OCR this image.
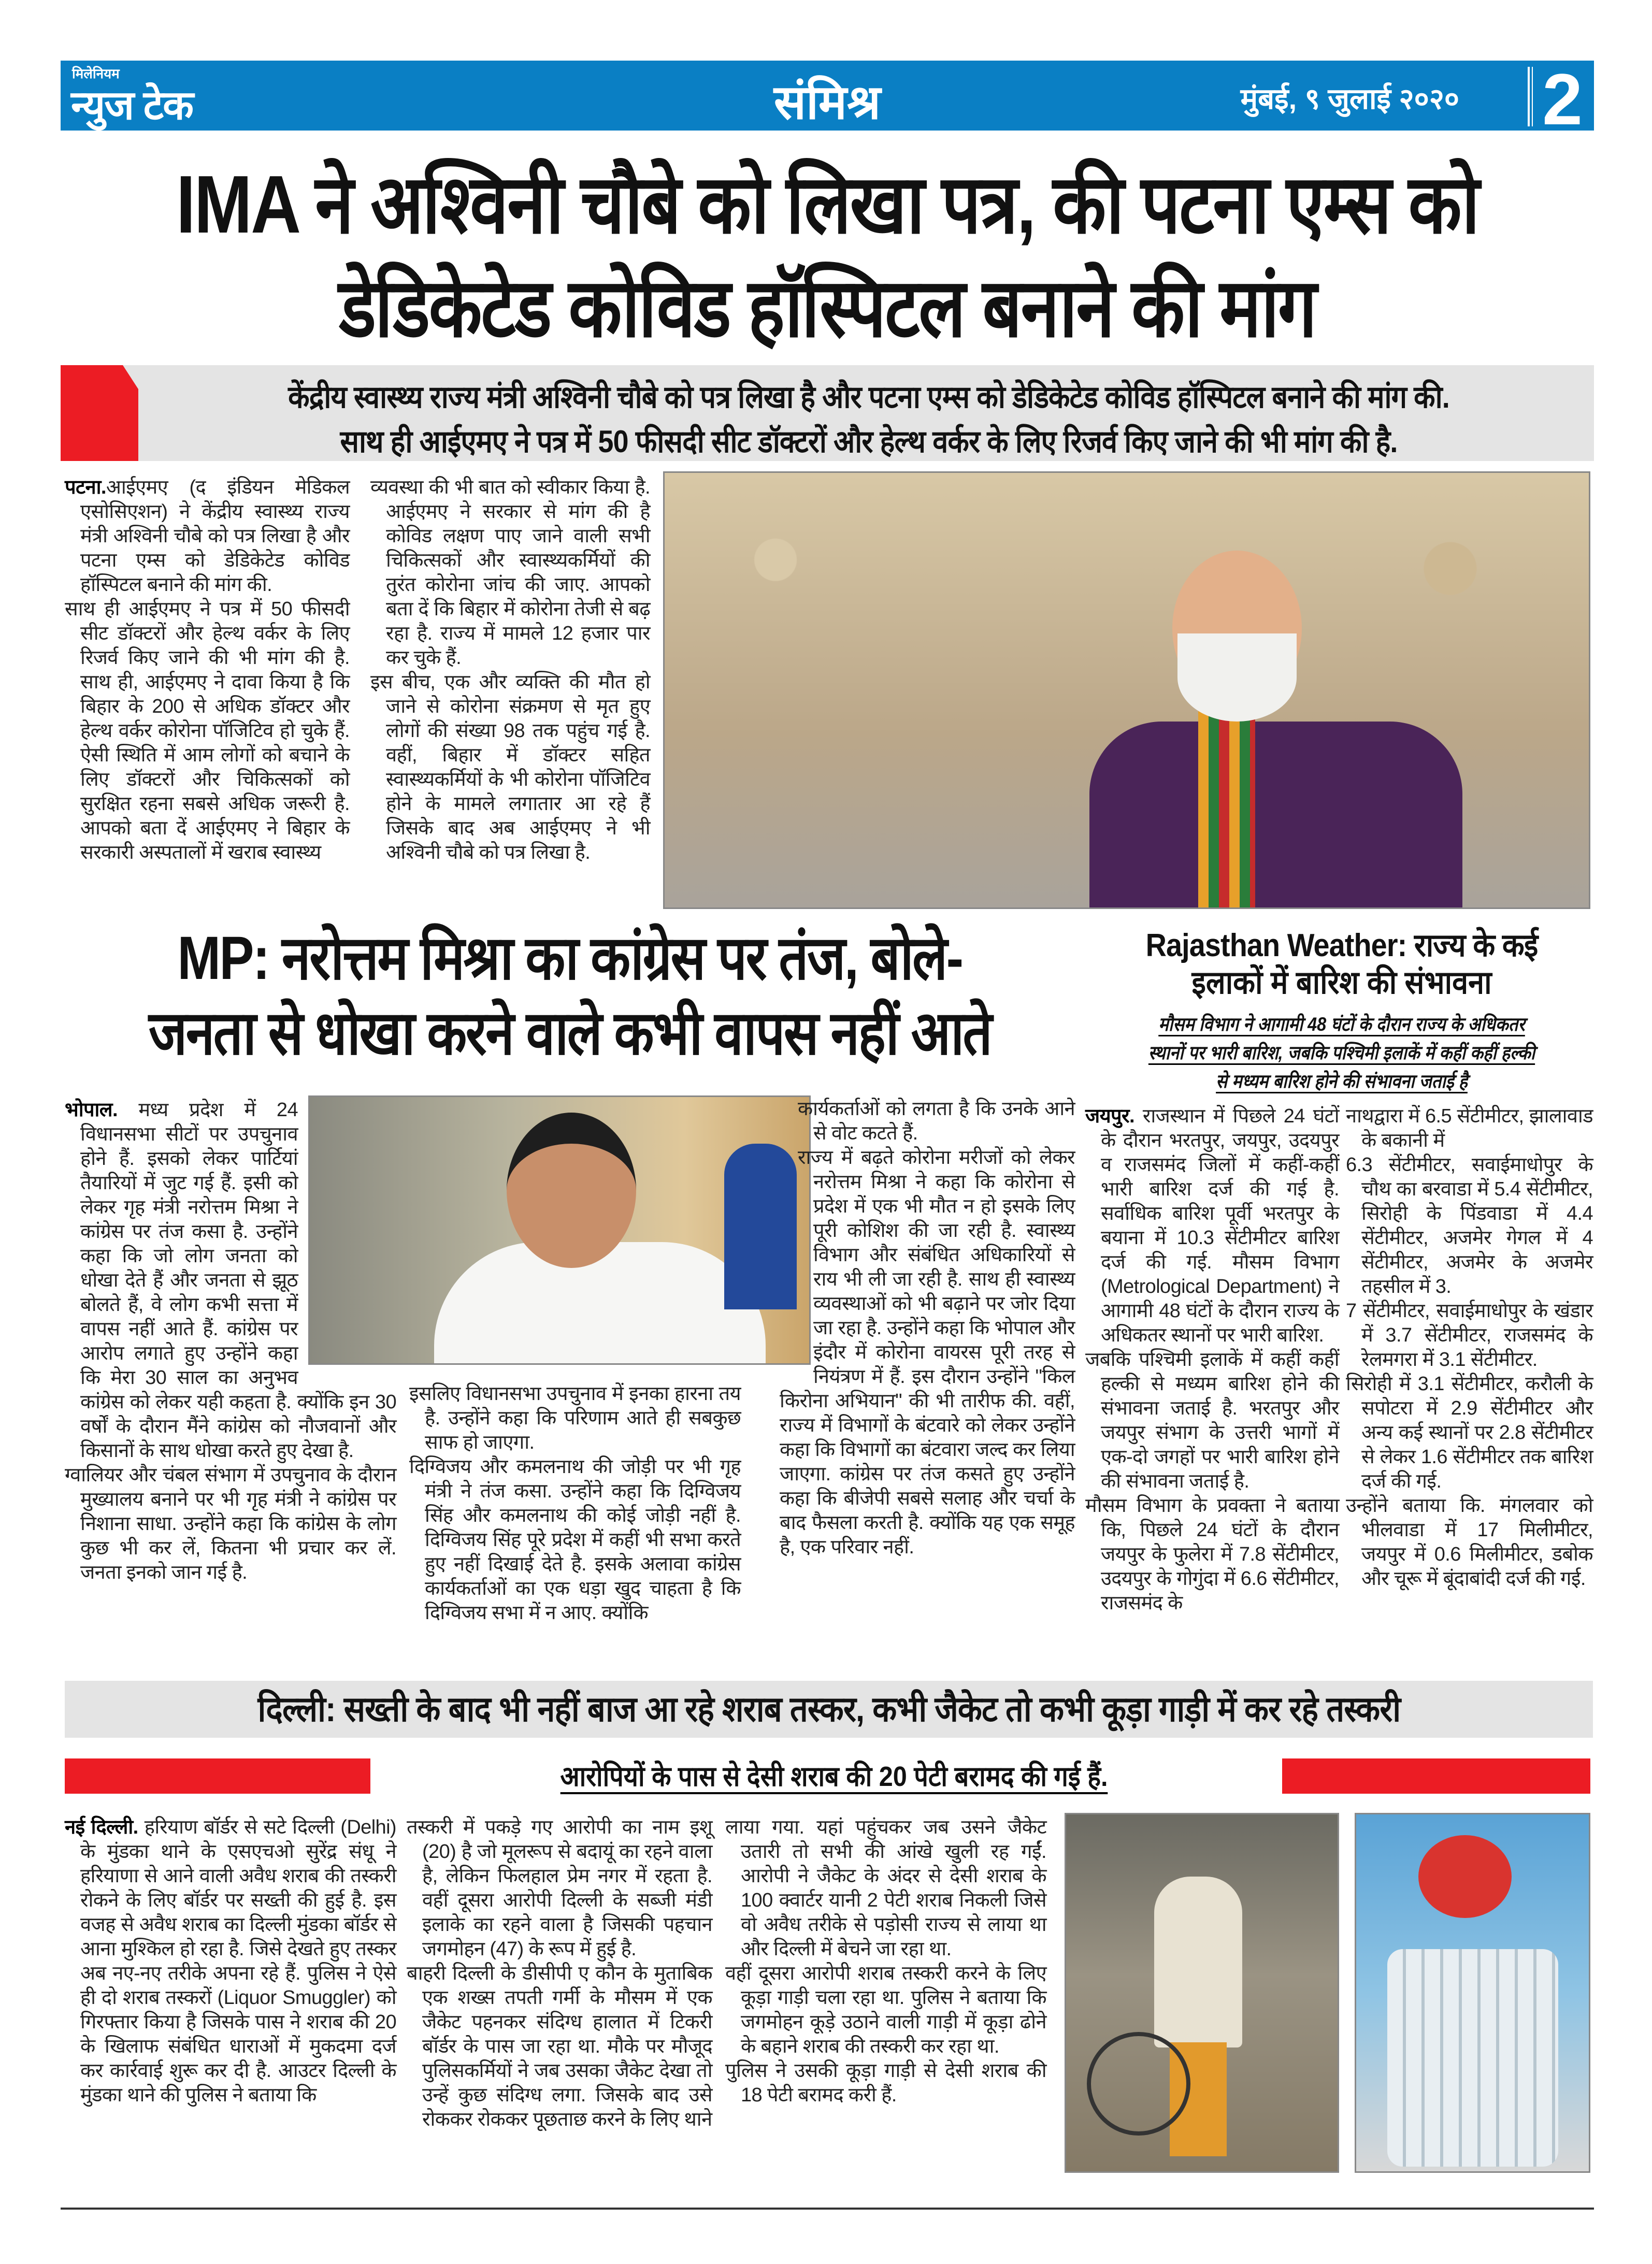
मिलेनियम
न्युज टेक	संमिश्र	मुंबई, ९ जुलाई २०२० 2
IMA ने अश्विनी चौबे को लिखा पत्र, की पटना एम्स को
डेडिकेटेड कोविड हॉस्पिटल बनाने की मांग
केंद्रीय स्वास्थ्य राज्य मंत्री अश्विनी चौबे को पत्र लिखा है और पटना एम्स को डेडिकेटेड कोविड हॉस्पिटल बनाने की मांग की.
साथ ही आईएमए ने पत्र में 50 फीसदी सीट डॉक्टरों और हेल्थ वर्कर के लिए रिजर्व किए जाने की भी मांग की है.

पटना.आईएमए (द इंडियन मेडिकल एसोसिएशन) ने केंद्रीय स्वास्थ्य राज्य मंत्री अश्विनी चौबे को पत्र लिखा है और पटना एम्स को डेडिकेटेड कोविड हॉस्पिटल बनाने की मांग की.

साथ ही आईएमए ने पत्र में 50 फीसदी सीट डॉक्टरों और हेल्थ वर्कर के लिए रिजर्व किए जाने की भी मांग की है. साथ ही, आईएमए ने दावा किया है कि बिहार के 200 से अधिक डॉक्टर और हेल्थ वर्कर कोरोना पॉजिटिव हो चुके हैं. ऐसी स्थिति में आम लोगों को बचाने के लिए डॉक्टरों और चिकित्सकों को सुरक्षित रहना सबसे अधिक जरूरी है. आपको बता दें आईएमए ने बिहार के सरकारी अस्पतालों में खराब स्वास्थ्य

व्यवस्था की भी बात को स्वीकार किया है. आईएमए ने सरकार से मांग की है कोविड लक्षण पाए जाने वाली सभी चिकित्सकों और स्वास्थ्यकर्मियों की तुरंत कोरोना जांच की जाए. आपको बता दें कि बिहार में कोरोना तेजी से बढ़ रहा है. राज्य में मामले 12 हजार पार कर चुके हैं.

इस बीच, एक और व्यक्ति की मौत हो जाने से कोरोना संक्रमण से मृत हुए लोगों की संख्या 98 तक पहुंच गई है. वहीं, बिहार में डॉक्टर सहित स्वास्थ्यकर्मियों के भी कोरोना पॉजिटिव होने के मामले लगातार आ रहे हैं जिसके बाद अब आईएमए ने भी अश्विनी चौबे को पत्र लिखा है.

MP: नरोत्तम मिश्रा का कांग्रेस पर तंज, बोले-
जनता से धोखा करने वाले कभी वापस नहीं आते

भोपाल. मध्य प्रदेश में 24 विधानसभा सीटों पर उपचुनाव होने हैं. इसको लेकर पार्टियां तैयारियों में जुट गई हैं. इसी को लेकर गृह मंत्री नरोत्तम मिश्रा ने कांग्रेस पर तंज कसा है. उन्होंने कहा कि जो लोग जनता को धोखा देते हैं और जनता से झूठ बोलते हैं, वे लोग कभी सत्ता में वापस नहीं आते हैं. कांग्रेस पर आरोप लगाते हुए उन्होंने कहा कि मेरा 30 साल का अनुभव कांग्रेस को लेकर यही कहता है. क्योंकि इन 30 वर्षों के दौरान मैंने कांग्रेस को नौजवानों और किसानों के साथ धोखा करते हुए देखा है.

ग्वालियर और चंबल संभाग में उपचुनाव के दौरान मुख्यालय बनाने पर भी गृह मंत्री ने कांग्रेस पर निशाना साधा. उन्होंने कहा कि कांग्रेस के लोग कुछ भी कर लें, कितना भी प्रचार कर लें. जनता इनको जान गई है.

इसलिए विधानसभा उपचुनाव में इनका हारना तय है. उन्होंने कहा कि परिणाम आते ही सबकुछ साफ हो जाएगा.

दिग्विजय और कमलनाथ की जोड़ी पर भी गृह मंत्री ने तंज कसा. उन्होंने कहा कि दिग्विजय सिंह और कमलनाथ की कोई जोड़ी नहीं है. दिग्विजय सिंह पूरे प्रदेश में कहीं भी सभा करते हुए नहीं दिखाई देते है. इसके अलावा कांग्रेस कार्यकर्ताओं का एक धड़ा खुद चाहता है कि दिग्विजय सभा में न आए. क्योंकि

कार्यकर्ताओं को लगता है कि उनके आने से वोट कटते हैं.

राज्य में बढ़ते कोरोना मरीजों को लेकर नरोत्तम मिश्रा ने कहा कि कोरोना से प्रदेश में एक भी मौत न हो इसके लिए पूरी कोशिश की जा रही है. स्वास्थ्य विभाग और संबंधित अधिकारियों से राय भी ली जा रही है. साथ ही स्वास्थ्य व्यवस्थाओं को भी बढ़ाने पर जोर दिया जा रहा है. उन्होंने कहा कि भोपाल और इंदौर में कोरोना वायरस पूरी तरह से नियंत्रण में हैं. इस दौरान उन्होंने "किल किरोना अभियान" की भी तारीफ की. वहीं, राज्य में विभागों के बंटवारे को लेकर उन्होंने कहा कि विभागों का बंटवारा जल्द कर लिया जाएगा. कांग्रेस पर तंज कसते हुए उन्होंने कहा कि बीजेपी सबसे सलाह और चर्चा के बाद फैसला करती है. क्योंकि यह एक समूह है, एक परिवार नहीं.

Rajasthan Weather: राज्य के कई
इलाकों में बारिश की संभावना
मौसम विभाग ने आगामी 48 घंटों के दौरान राज्य के अधिकतर
स्थानों पर भारी बारिश, जबकि पश्चिमी इलाकें में कहीं कहीं हल्की
से मध्यम बारिश होने की संभावना जताई है

जयपुर. राजस्थान में पिछले 24 घंटों के दौरान भरतपुर, जयपुर, उदयपुर व राजसमंद जिलों में कहीं-कहीं भारी बारिश दर्ज की गई है. सर्वाधिक बारिश पूर्वी भरतपुर के बयाना में 10.3 सेंटीमीटर बारिश दर्ज की गई. मौसम विभाग (Metrological Department) ने आगामी 48 घंटों के दौरान राज्य के अधिकतर स्थानों पर भारी बारिश.

जबकि पश्चिमी इलाकें में कहीं कहीं हल्की से मध्यम बारिश होने की संभावना जताई है. भरतपुर और जयपुर संभाग के उत्तरी भागों में एक-दो जगहों पर भारी बारिश होने की संभावना जताई है.

मौसम विभाग के प्रवक्ता ने बताया कि, पिछले 24 घंटों के दौरान जयपुर के फुलेरा में 7.8 सेंटीमीटर, उदयपुर के गोगुंदा में 6.6 सेंटीमीटर, राजसमंद के

नाथद्वारा में 6.5 सेंटीमीटर, झालावाड के बकानी में

6.3 सेंटीमीटर, सवाईमाधोपुर के चौथ का बरवाडा में 5.4 सेंटीमीटर, सिरोही के पिंडवाडा में 4.4 सेंटीमीटर, अजमेर गेगल में 4 सेंटीमीटर, अजमेर के अजमेर तहसील में 3.

7 सेंटीमीटर, सवाईमाधोपुर के खंडार में 3.7 सेंटीमीटर, राजसमंद के रेलमगरा में 3.1 सेंटीमीटर.

सिरोही में 3.1 सेंटीमीटर, करौली के सपोटरा में 2.9 सेंटीमीटर और अन्य कई स्थानों पर 2.8 सेंटीमीटर से लेकर 1.6 सेंटीमीटर तक बारिश दर्ज की गई.

उन्होंने बताया कि. मंगलवार को भीलवाडा में 17 मिलीमीटर, जयपुर में 0.6 मिलीमीटर, डबोक और चूरू में बूंदाबांदी दर्ज की गई.

दिल्ली: सख्ती के बाद भी नहीं बाज आ रहे शराब तस्कर, कभी जैकेट तो कभी कूड़ा गाड़ी में कर रहे तस्करी
आरोपियों के पास से देसी शराब की 20 पेटी बरामद की गई हैं.

नई दिल्ली. हरियाण बॉर्डर से सटे दिल्ली (Delhi) के मुंडका थाने के एसएचओ सुरेंद्र संधू ने हरियाणा से आने वाली अवैध शराब की तस्करी रोकने के लिए बॉर्डर पर सख्ती की हुई है. इस वजह से अवैध शराब का दिल्ली मुंडका बॉर्डर से आना मुश्किल हो रहा है. जिसे देखते हुए तस्कर अब नए-नए तरीके अपना रहे हैं. पुलिस ने ऐसे ही दो शराब तस्करों (Liquor Smuggler) को गिरफ्तार किया है जिसके पास ने शराब की 20 के खिलाफ संबंधित धाराओं में मुकदमा दर्ज कर कार्रवाई शुरू कर दी है. आउटर दिल्ली के मुंडका थाने की पुलिस ने बताया कि

तस्करी में पकड़े गए आरोपी का नाम इशू (20) है जो मूलरूप से बदायूं का रहने वाला है, लेकिन फिलहाल प्रेम नगर में रहता है. वहीं दूसरा आरोपी दिल्ली के सब्जी मंडी इलाके का रहने वाला है जिसकी पहचान जगमोहन (47) के रूप में हुई है.

बाहरी दिल्ली के डीसीपी ए कौन के मुताबिक एक शख्स तपती गर्मी के मौसम में एक जैकेट पहनकर संदिग्ध हालात में टिकरी बॉर्डर के पास जा रहा था. मौके पर मौजूद पुलिसकर्मियों ने जब उसका जैकेट देखा तो उन्हें कुछ संदिग्ध लगा. जिसके बाद उसे रोककर रोककर पूछताछ करने के लिए थाने

लाया गया. यहां पहुंचकर जब उसने जैकेट उतारी तो सभी की आंखे खुली रह गईं. आरोपी ने जैकेट के अंदर से देसी शराब के 100 क्वार्टर यानी 2 पेटी शराब निकली जिसे वो अवैध तरीके से पड़ोसी राज्य से लाया था और दिल्ली में बेचने जा रहा था.

वहीं दूसरा आरोपी शराब तस्करी करने के लिए कूड़ा गाड़ी चला रहा था. पुलिस ने बताया कि जगमोहन कूड़े उठाने वाली गाड़ी में कूड़ा ढोने के बहाने शराब की तस्करी कर रहा था.

पुलिस ने उसकी कूड़ा गाड़ी से देसी शराब की 18 पेटी बरामद करी हैं.
